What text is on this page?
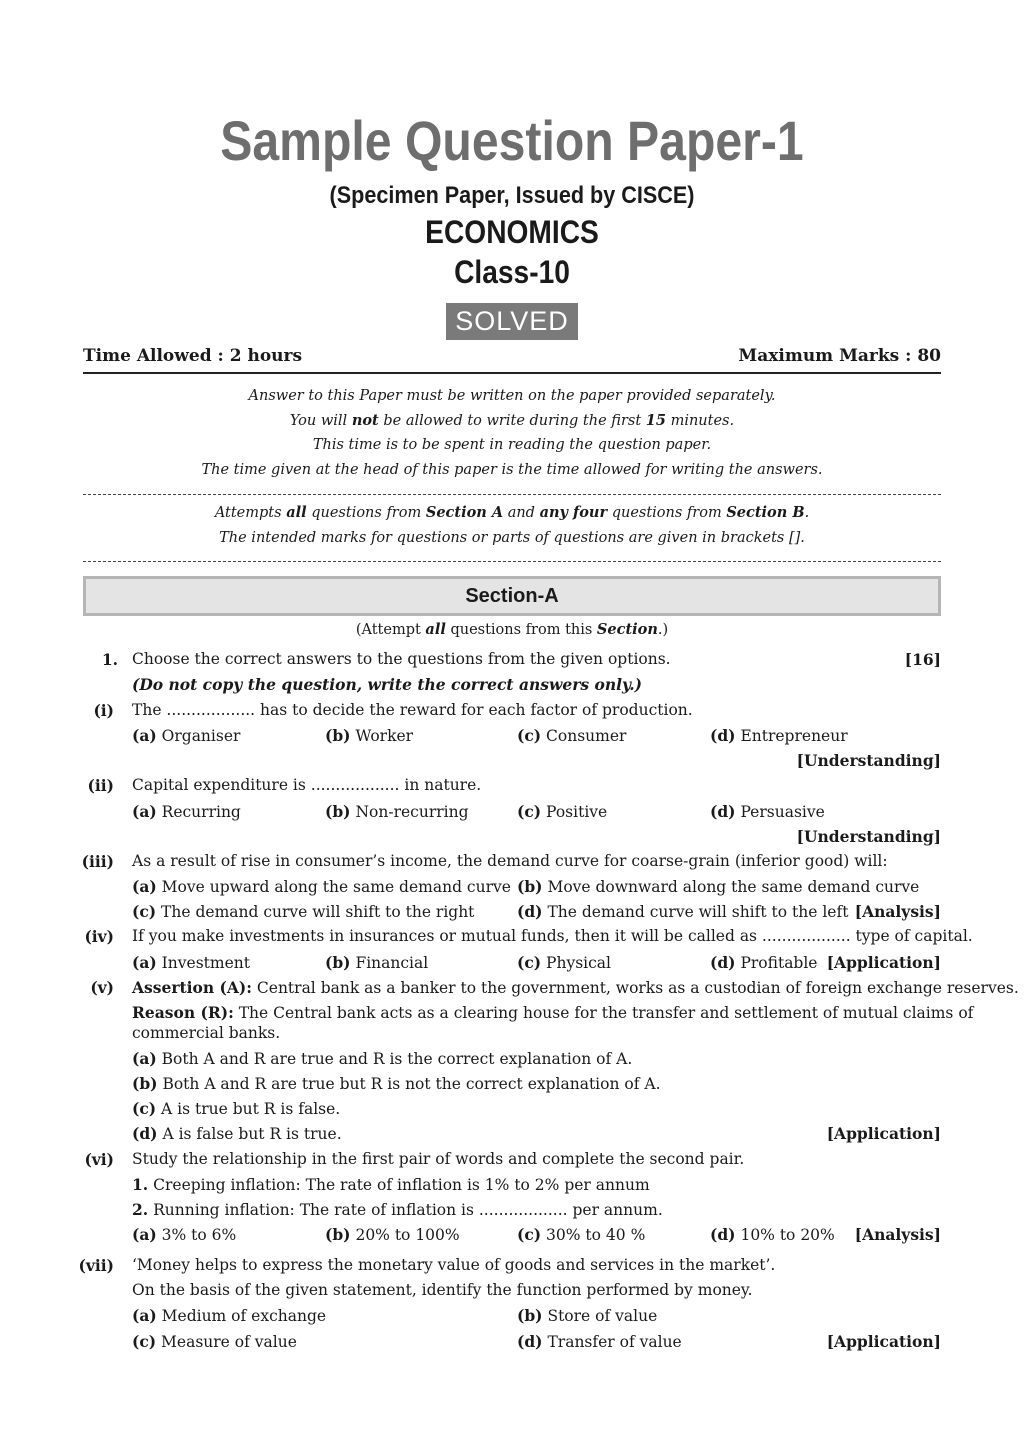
Sample Question Paper-1
(Specimen Paper, Issued by CISCE)
ECONOMICS
Class-10
SOLVED
Time Allowed : 2 hours	Maximum Marks : 80
Answer to this Paper must be written on the paper provided separately.
You will not be allowed to write during the first 15 minutes.
This time is to be spent in reading the question paper.
The time given at the head of this paper is the time allowed for writing the answers.
Attempts all questions from Section A and any four questions from Section B.
The intended marks for questions or parts of questions are given in brackets [].
Section-A
(Attempt all questions from this Section.)
1. Choose the correct answers to the questions from the given options.	[16]
(Do not copy the question, write the correct answers only.)
(i) The .................. has to decide the reward for each factor of production.
(a) Organiser	(b) Worker	(c) Consumer	(d) Entrepreneur
[Understanding]
(ii) Capital expenditure is .................. in nature.
(a) Recurring	(b) Non-recurring	(c) Positive	(d) Persuasive
[Understanding]
(iii) As a result of rise in consumer’s income, the demand curve for coarse-grain (inferior good) will:
(a) Move upward along the same demand curve (b) Move downward along the same demand curve
(c) The demand curve will shift to the right	(d) The demand curve will shift to the left [Analysis]
(iv) If you make investments in insurances or mutual funds, then it will be called as .................. type of capital.
(a) Investment	(b) Financial	(c) Physical	(d) Profitable [Application]
(v) Assertion (A): Central bank as a banker to the government, works as a custodian of foreign exchange reserves.
Reason (R): The Central bank acts as a clearing house for the transfer and settlement of mutual claims of
commercial banks.
(a) Both A and R are true and R is the correct explanation of A.
(b) Both A and R are true but R is not the correct explanation of A.
(c) A is true but R is false.
(d) A is false but R is true.	[Application]
(vi) Study the relationship in the first pair of words and complete the second pair.
1. Creeping inflation: The rate of inflation is 1% to 2% per annum
2. Running inflation: The rate of inflation is .................. per annum.
(a) 3% to 6%	(b) 20% to 100%	(c) 30% to 40 %	(d) 10% to 20% [Analysis]
(vii) ‘Money helps to express the monetary value of goods and services in the market’.
On the basis of the given statement, identify the function performed by money.
(a) Medium of exchange	(b) Store of value
(c) Measure of value	(d) Transfer of value	[Application]
